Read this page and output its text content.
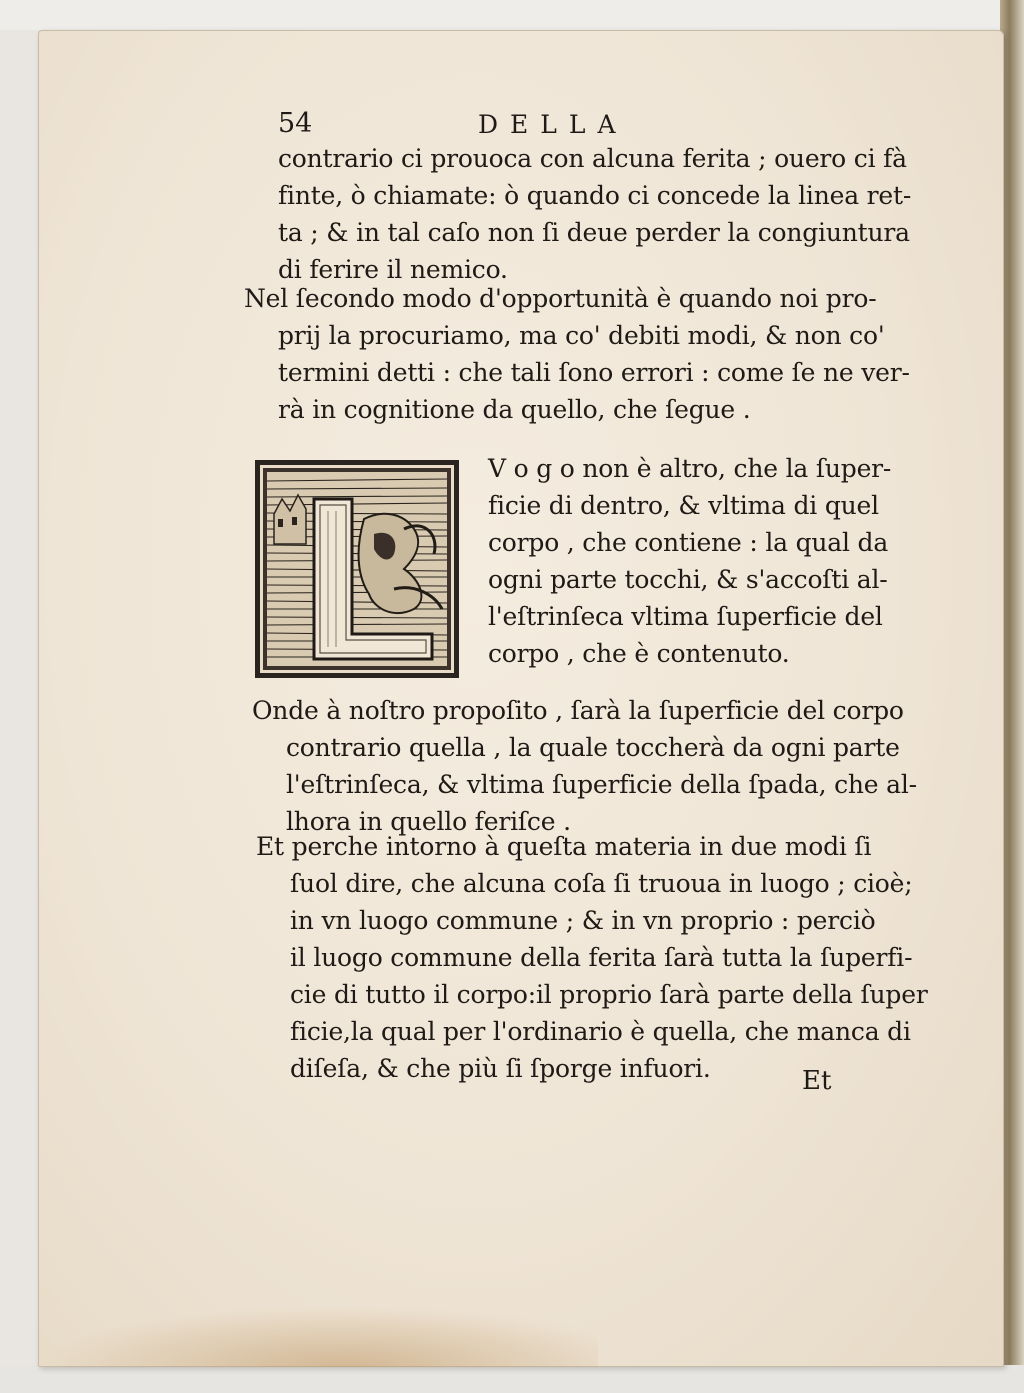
54	DELLA
contrario ci prouoca con alcuna ferita ; ouero ci fà
finte, ò chiamate: ò quando ci concede la linea ret-
ta ; & in tal caſo non ſi deue perder la congiuntura
di ferire il nemico.
Nel ſecondo modo d'opportunità è quando noi pro-
prij la procuriamo, ma co' debiti modi, & non co'
termini detti : che tali ſono errori : come ſe ne ver-
rà in cognitione da quello, che ſegue .
V o g o non è altro, che la ſuper-
ficie di dentro, & vltima di quel
corpo , che contiene : la qual da
ogni parte tocchi, & s'accoſti al-
l'eſtrinſeca vltima ſuperficie del
corpo , che è contenuto.
Onde à noſtro propoſito , ſarà la ſuperficie del corpo
contrario quella , la quale toccherà da ogni parte
l'eſtrinſeca, & vltima ſuperficie della ſpada, che al-
lhora in quello feriſce .
Et perche intorno à queſta materia in due modi ſi
ſuol dire, che alcuna coſa ſi truoua in luogo ; cioè;
in vn luogo commune ; & in vn proprio : perciò
il luogo commune della ferita ſarà tutta la ſuperfi-
cie di tutto il corpo:il proprio ſarà parte della ſuper
ficie,la qual per l'ordinario è quella, che manca di
diſeſa, & che più ſi ſporge infuori.	Et
